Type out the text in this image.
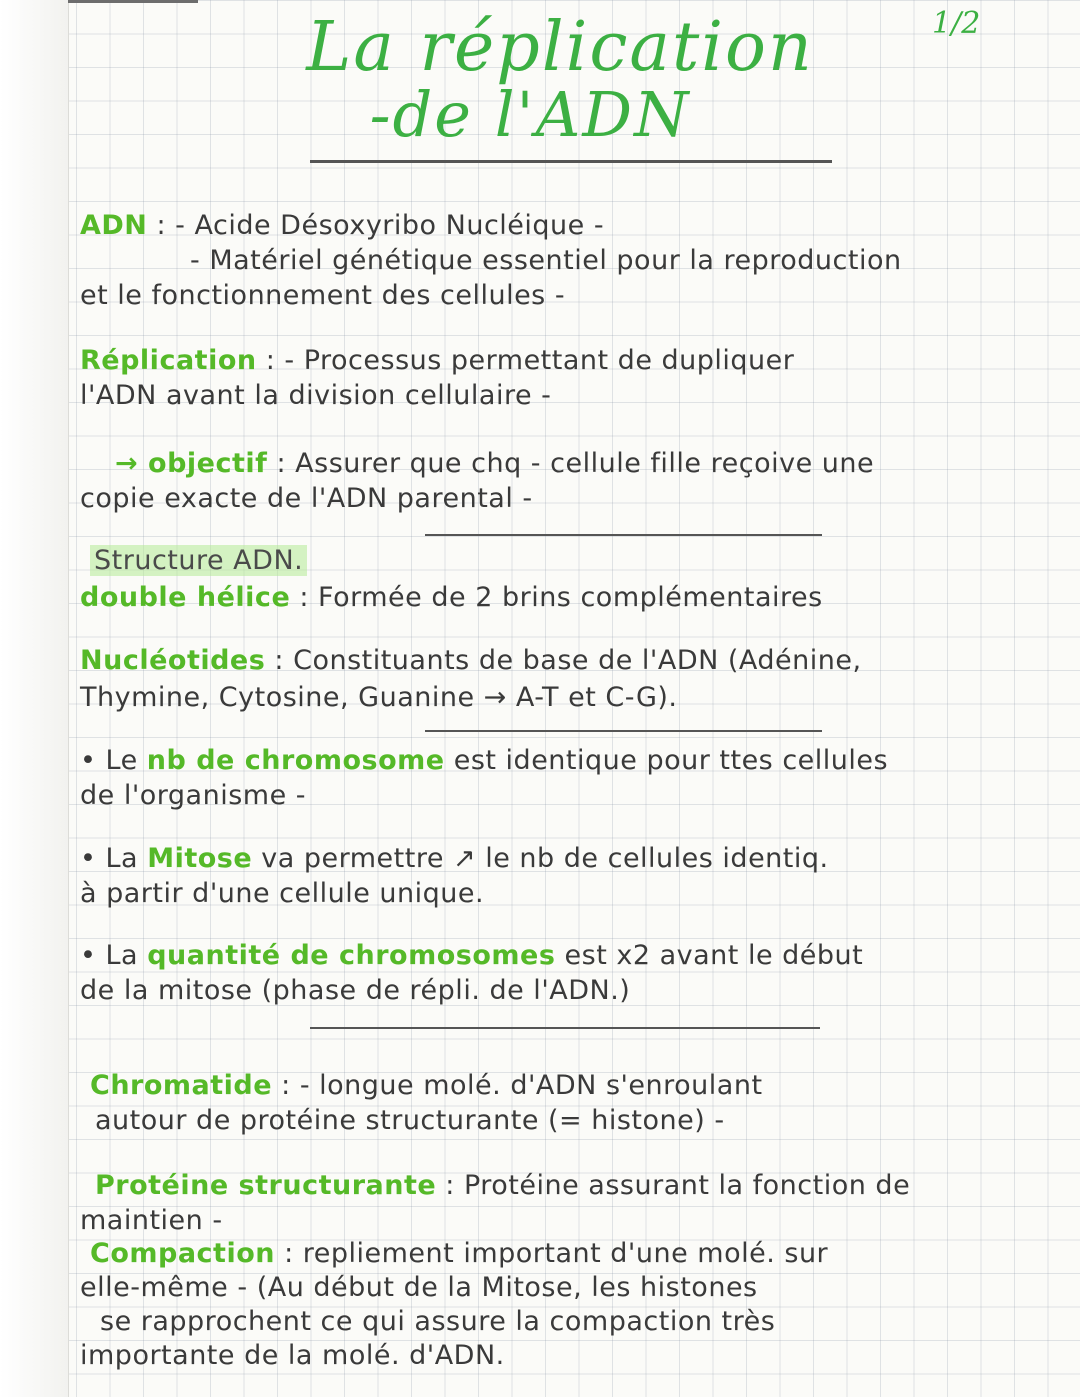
La réplication
-de l'ADN
1/2
ADN : - Acide Désoxyribo Nucléique -
- Matériel génétique essentiel pour la reproduction
et le fonctionnement des cellules -
Réplication : - Processus permettant de dupliquer
l'ADN avant la division cellulaire -
→ objectif : Assurer que chq - cellule fille reçoive une
copie exacte de l'ADN parental -
Structure ADN.
double hélice : Formée de 2 brins complémentaires
Nucléotides : Constituants de base de l'ADN (Adénine,
Thymine, Cytosine, Guanine → A-T et C-G).
• Le nb de chromosome est identique pour ttes cellules
de l'organisme -
• La Mitose va permettre ↗ le nb de cellules identiq.
à partir d'une cellule unique.
• La quantité de chromosomes est x2 avant le début
de la mitose (phase de répli. de l'ADN.)
Chromatide : - longue molé. d'ADN s'enroulant
autour de protéine structurante (= histone) -
Protéine structurante : Protéine assurant la fonction de
maintien -
Compaction : repliement important d'une molé. sur
elle-même - (Au début de la Mitose, les histones
se rapprochent ce qui assure la compaction très
importante de la molé. d'ADN.
